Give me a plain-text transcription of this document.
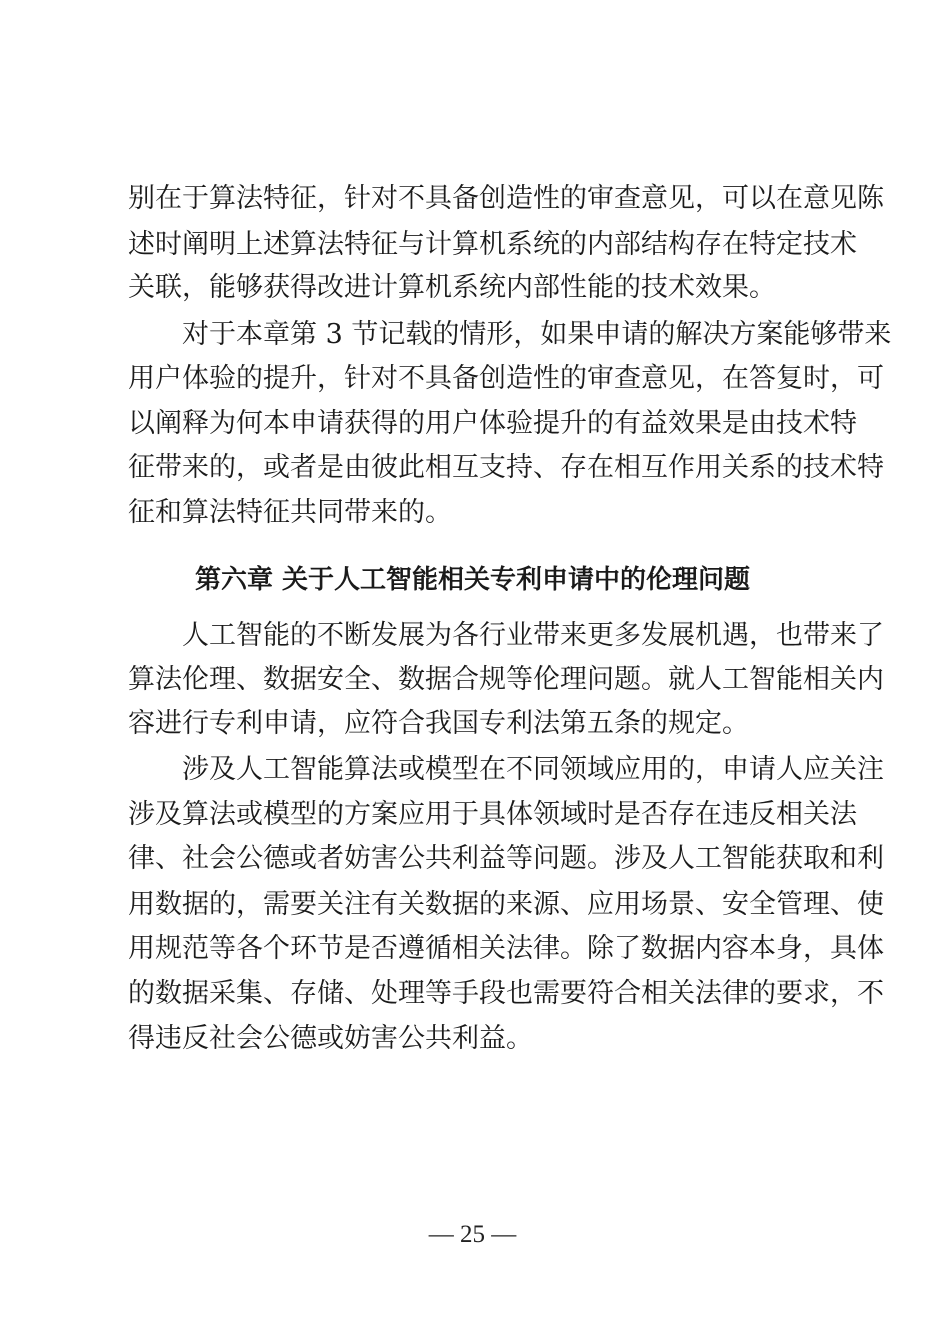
别在于算法特征，针对不具备创造性的审查意见，可以在意见陈
述时阐明上述算法特征与计算机系统的内部结构存在特定技术
关联，能够获得改进计算机系统内部性能的技术效果。
对于本章第 3 节记载的情形，如果申请的解决方案能够带来
用户体验的提升，针对不具备创造性的审查意见，在答复时，可
以阐释为何本申请获得的用户体验提升的有益效果是由技术特
征带来的，或者是由彼此相互支持、存在相互作用关系的技术特
征和算法特征共同带来的。
第六章 关于人工智能相关专利申请中的伦理问题
人工智能的不断发展为各行业带来更多发展机遇，也带来了
算法伦理、数据安全、数据合规等伦理问题。就人工智能相关内
容进行专利申请，应符合我国专利法第五条的规定。
涉及人工智能算法或模型在不同领域应用的，申请人应关注
涉及算法或模型的方案应用于具体领域时是否存在违反相关法
律、社会公德或者妨害公共利益等问题。涉及人工智能获取和利
用数据的，需要关注有关数据的来源、应用场景、安全管理、使
用规范等各个环节是否遵循相关法律。除了数据内容本身，具体
的数据采集、存储、处理等手段也需要符合相关法律的要求，不
得违反社会公德或妨害公共利益。
— 25 —
